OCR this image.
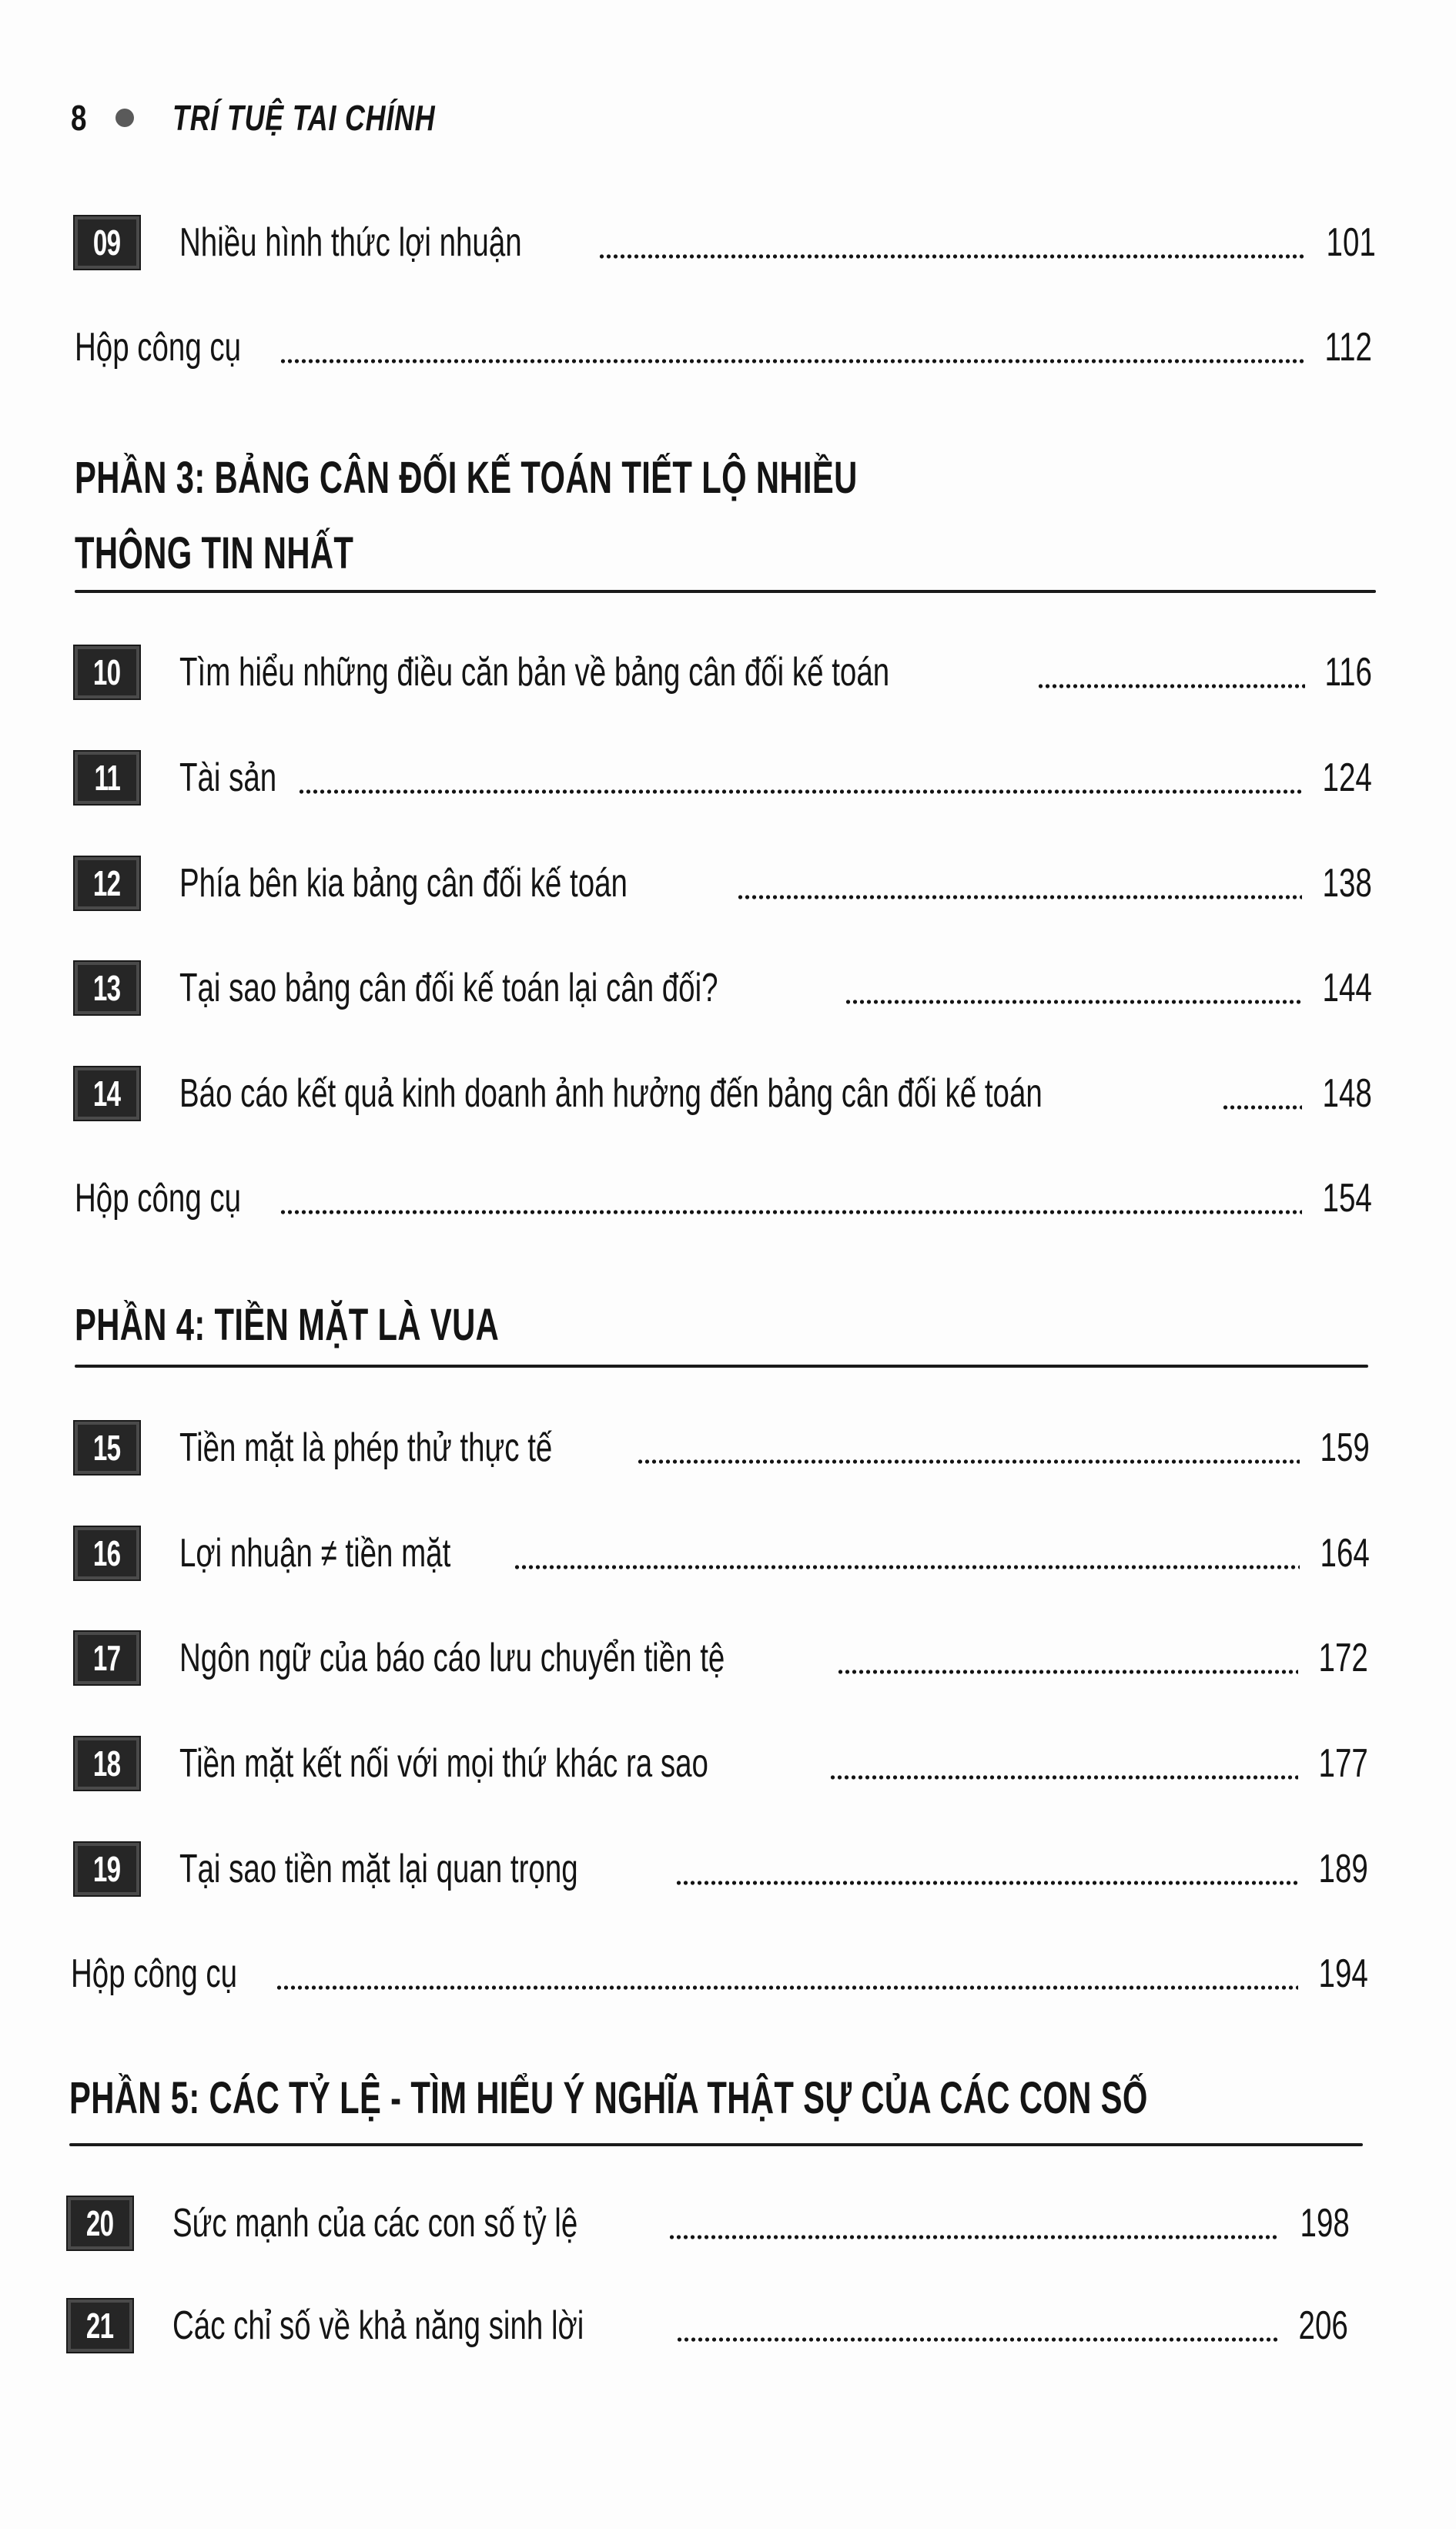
8 TRÍ TUỆ TAI CHÍNH
09 Nhiều hình thức lợi nhuận	101
Hộp công cụ	112
PHẦN 3: BẢNG CÂN ĐỐI KẾ TOÁN TIẾT LỘ NHIỀU
THÔNG TIN NHẤT
10 Tìm hiểu những điều căn bản về bảng cân đối kế toán	116
11 Tài sản	124
12 Phía bên kia bảng cân đối kế toán	138
13 Tại sao bảng cân đối kế toán lại cân đối?	144
14 Báo cáo kết quả kinh doanh ảnh hưởng đến bảng cân đối kế toán	148
Hộp công cụ	154
PHẦN 4: TIỀN MẶT LÀ VUA
15 Tiền mặt là phép thử thực tế	159
16 Lợi nhuận ≠ tiền mặt	164
17 Ngôn ngữ của báo cáo lưu chuyển tiền tệ	172
18 Tiền mặt kết nối với mọi thứ khác ra sao	177
19 Tại sao tiền mặt lại quan trọng	189
Hộp công cụ	194
PHẦN 5: CÁC TỶ LỆ - TÌM HIỂU Ý NGHĨA THẬT SỰ CỦA CÁC CON SỐ
20 Sức mạnh của các con số tỷ lệ	198
21 Các chỉ số về khả năng sinh lời	206
